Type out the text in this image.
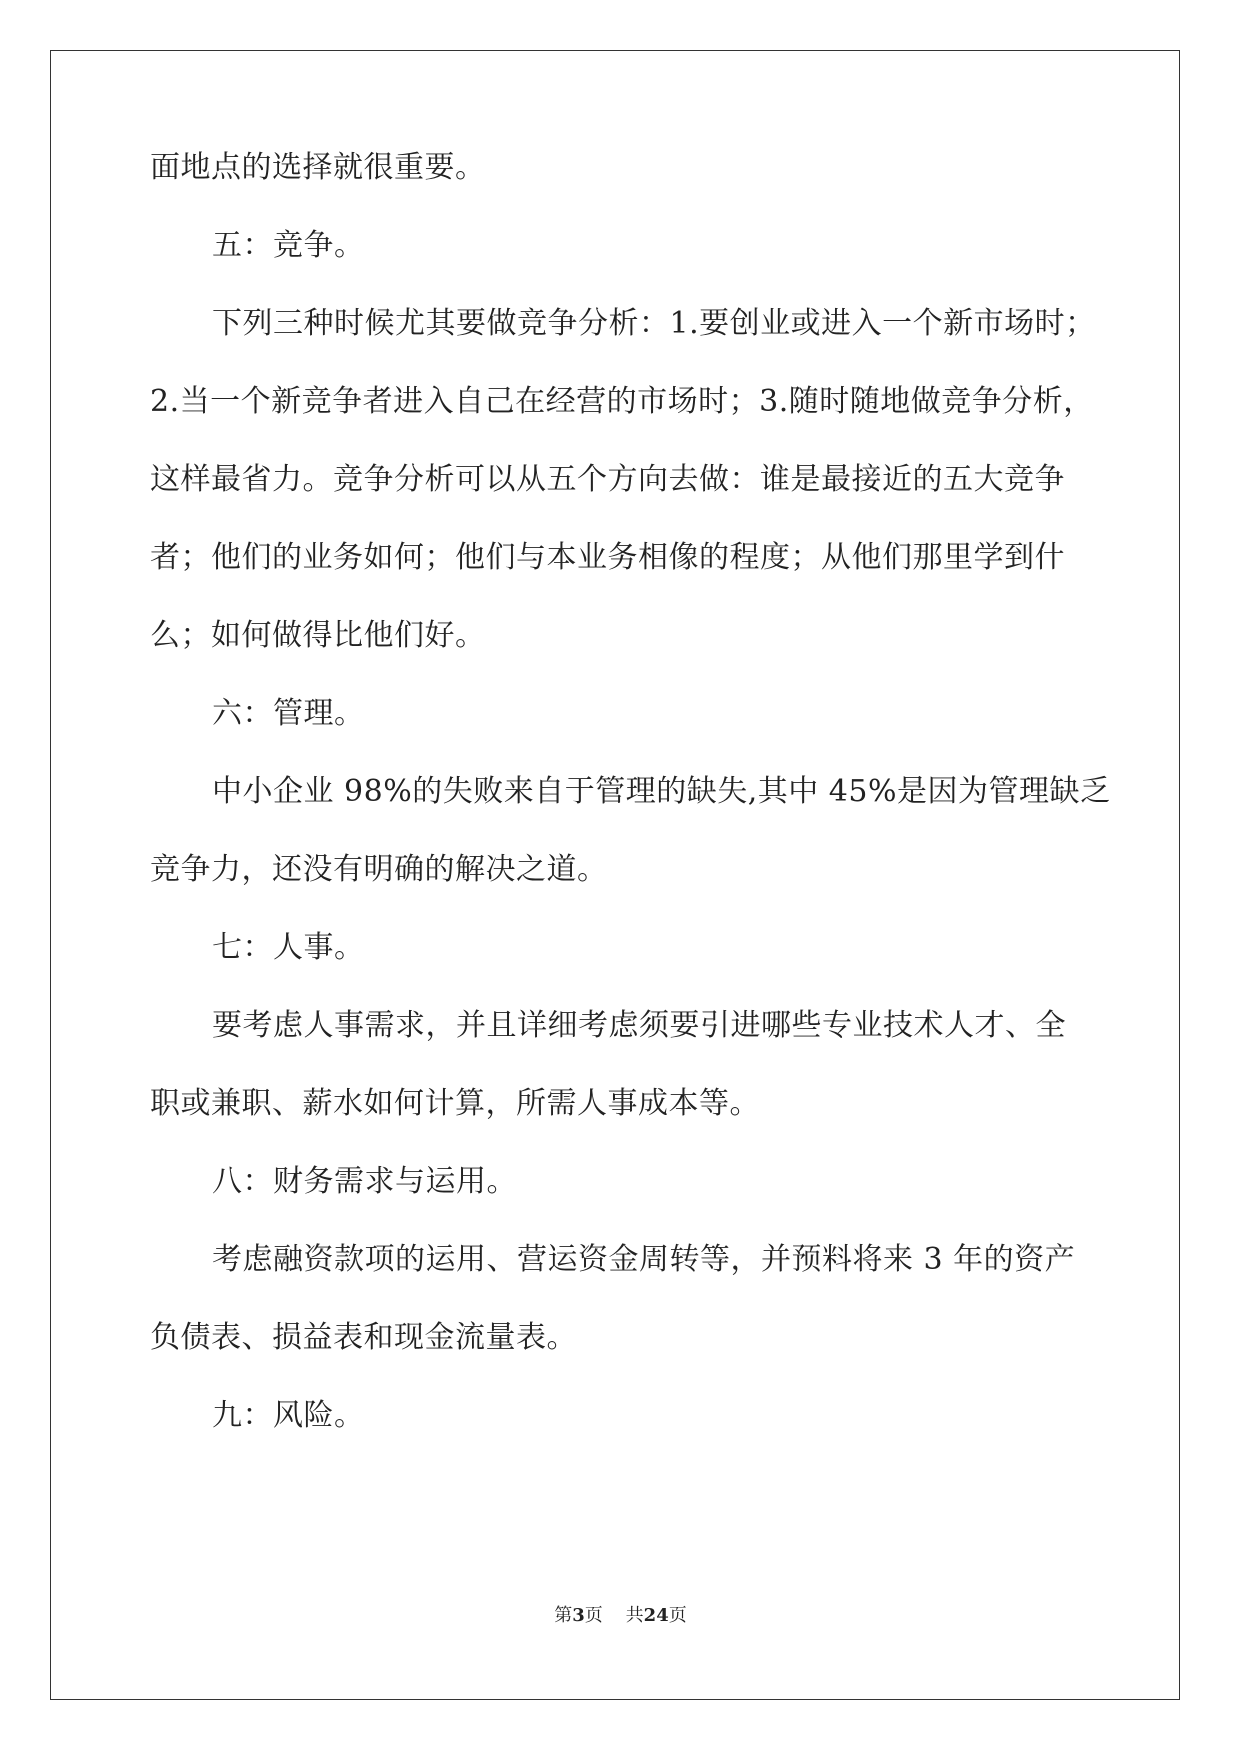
面地点的选择就很重要。
五：竞争。
下列三种时候尤其要做竞争分析：1.要创业或进入一个新市场时；
2.当一个新竞争者进入自己在经营的市场时；3.随时随地做竞争分析，
这样最省力。竞争分析可以从五个方向去做：谁是最接近的五大竞争
者；他们的业务如何；他们与本业务相像的程度；从他们那里学到什
么；如何做得比他们好。
六：管理。
中小企业 98%的失败来自于管理的缺失,其中 45%是因为管理缺乏
竞争力，还没有明确的解决之道。
七：人事。
要考虑人事需求，并且详细考虑须要引进哪些专业技术人才、全
职或兼职、薪水如何计算，所需人事成本等。
八：财务需求与运用。
考虑融资款项的运用、营运资金周转等，并预料将来 3 年的资产
负债表、损益表和现金流量表。
九：风险。
第3页 共24页
